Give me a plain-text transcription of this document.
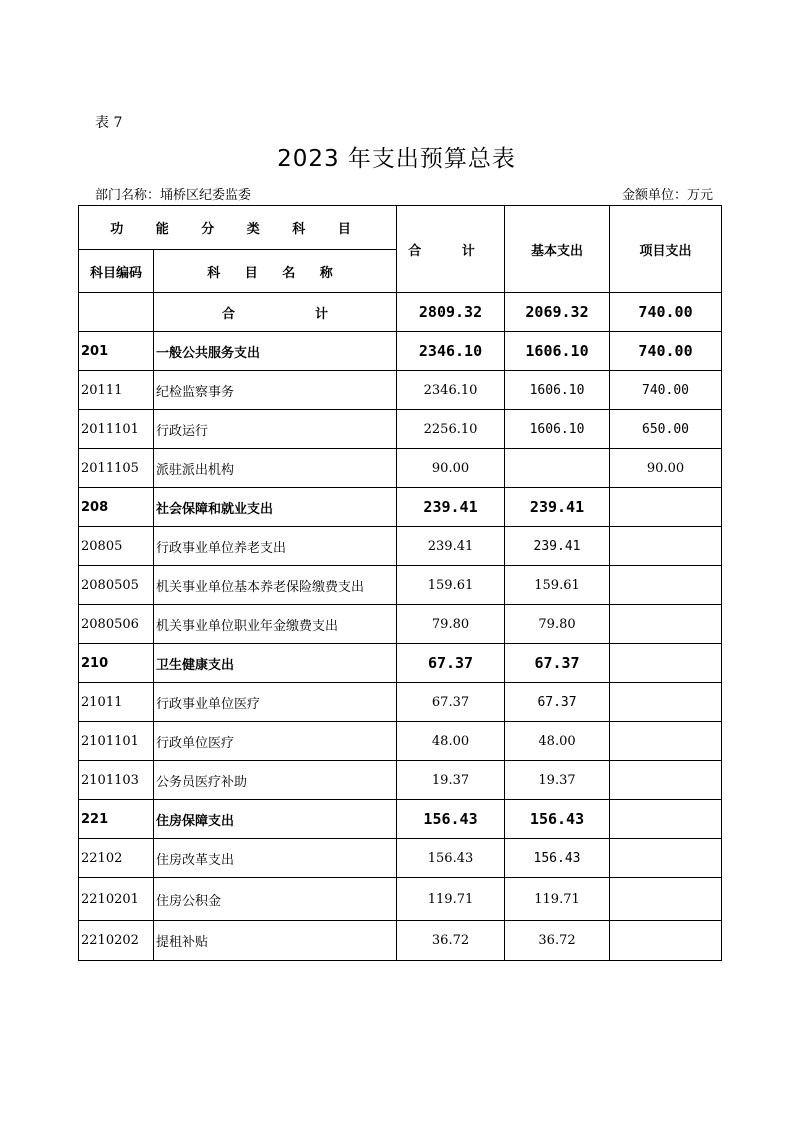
表 7
2023 年支出预算总表
部门名称：埇桥区纪委监委	金额单位：万元
功 能 分 类 科 目		合 计	基本支出	项目支出
科目编码	科 目 名 称			
	合 计	2809.32	2069.32	740.00
201	一般公共服务支出	2346.10	1606.10	740.00
20111	纪检监察事务	2346.10	1606.10	740.00
2011101	行政运行	2256.10	1606.10	650.00
2011105	派驻派出机构	90.00		90.00
208	社会保障和就业支出	239.41	239.41	
20805	行政事业单位养老支出	239.41	239.41	
2080505	机关事业单位基本养老保险缴费支出	159.61	159.61	
2080506	机关事业单位职业年金缴费支出	79.80	79.80	
210	卫生健康支出	67.37	67.37	
21011	行政事业单位医疗	67.37	67.37	
2101101	行政单位医疗	48.00	48.00	
2101103	公务员医疗补助	19.37	19.37	
221	住房保障支出	156.43	156.43	
22102	住房改革支出	156.43	156.43	
2210201	住房公积金	119.71	119.71	
2210202	提租补贴	36.72	36.72	
